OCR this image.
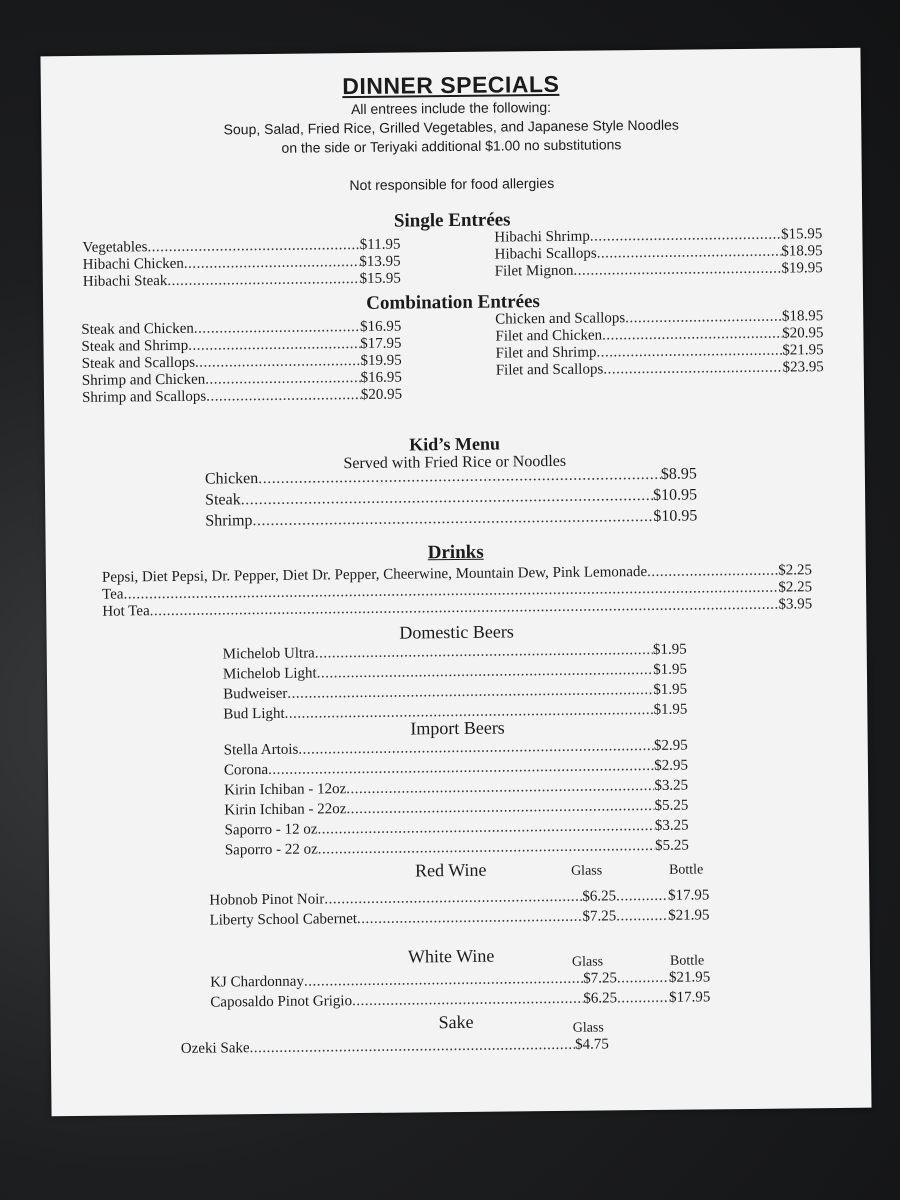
DINNER SPECIALS
All entrees include the following:
Soup, Salad, Fried Rice, Grilled Vegetables, and Japanese Style Noodles
on the side or Teriyaki additional $1.00 no substitutions
Not responsible for food allergies
Single Entrées
Vegetables .....	$11.95
Hibachi Chicken .....	$13.95
Hibachi Steak .....	$15.95
Hibachi Shrimp .....	$15.95
Hibachi Scallops .....	$18.95
Filet Mignon .....	$19.95
Combination Entrées
Steak and Chicken .....	$16.95
Steak and Shrimp .....	$17.95
Steak and Scallops .....	$19.95
Shrimp and Chicken .....	$16.95
Shrimp and Scallops .....	$20.95
Chicken and Scallops .....	$18.95
Filet and Chicken .....	$20.95
Filet and Shrimp .....	$21.95
Filet and Scallops .....	$23.95
Kid’s Menu
Served with Fried Rice or Noodles
Chicken .....	$8.95
Steak .....	$10.95
Shrimp .....	$10.95
Drinks
Pepsi, Diet Pepsi, Dr. Pepper, Diet Dr. Pepper, Cheerwine, Mountain Dew, Pink Lemonade .....	$2.25
Tea .....	$2.25
Hot Tea .....	$3.95
Domestic Beers
Michelob Ultra .....	$1.95
Michelob Light .....	$1.95
Budweiser .....	$1.95
Bud Light .....	$1.95
Import Beers
Stella Artois .....	$2.95
Corona .....	$2.95
Kirin Ichiban - 12oz .....	$3.25
Kirin Ichiban - 22oz .....	$5.25
Saporro - 12 oz .....	$3.25
Saporro - 22 oz .....	$5.25
Red Wine	Glass	Bottle
Hobnob Pinot Noir .....	$6.25 .....	$17.95
Liberty School Cabernet .....	$7.25 .....	$21.95
White Wine	Glass	Bottle
KJ Chardonnay .....	$7.25 .....	$21.95
Caposaldo Pinot Grigio .....	$6.25 .....	$17.95
Sake	Glass
Ozeki Sake .....	$4.75
